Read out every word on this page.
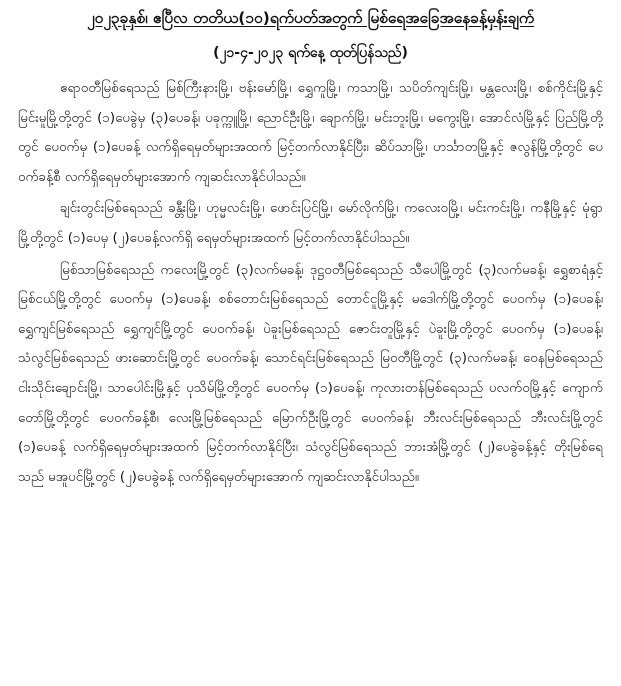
၂၀၂၃ခုနှစ်၊ ဧပြီလ တတိယ(၁၀)ရက်ပတ်အတွက် မြစ်ရေအခြေအနေခန့်မှန်းချက်

(၂၁-၄-၂၀၂၃ ရက်နေ့ ထုတ်ပြန်သည်)

ဧရာဝတီမြစ်ရေသည် မြစ်ကြီးနားမြို့၊ ဗန်းမော်မြို့၊ ရွှေကူမြို့၊ ကသာမြို့၊ သပိတ်ကျင်းမြို့၊ မန္တလေးမြို့၊ စစ်ကိုင်းမြို့နှင့် မြင်းမူမြို့တို့တွင် (၁)ပေခွဲမှ (၃)ပေခန့်၊ ပခုက္ကူမြို့၊ ညောင်ဦးမြို့၊ ချောက်မြို့၊ မင်းဘူးမြို့၊ မကွေးမြို့၊ အောင်လံမြို့နှင့် ပြည်မြို့တို့တွင် ပေဝက်မှ (၁)ပေခန့် လက်ရှိရေမှတ်များအထက် မြင့်တက်လာနိုင်ပြီး၊ ဆိပ်သာမြို့၊ ဟင်္သာတမြို့နှင့် ဇလွန်မြို့တို့တွင် ပေဝက်ခန့်စီ လက်ရှိရေမှတ်များအောက် ကျဆင်းလာနိုင်ပါသည်။

ချင်းတွင်းမြစ်ရေသည် ခန္တီးမြို့၊ ဟုမ္မလင်းမြို့၊ ဖောင်းပြင်မြို့၊ မော်လိုက်မြို့၊ ကလေးဝမြို့၊ မင်းကင်းမြို့၊ ကနီမြို့နှင့် မုံရွာမြို့တို့တွင် (၁)ပေမှ (၂)ပေခန့်လက်ရှိ ရေမှတ်များအထက် မြင့်တက်လာနိုင်ပါသည်။

မြစ်သာမြစ်ရေသည် ကလေးမြို့တွင် (၃)လက်မခန့်၊ ဒုဋ္ဌဝတီမြစ်ရေသည် သီပေါမြို့တွင် (၃)လက်မခန့်၊ ရွှေစာရံနှင့် မြစ်ငယ်မြို့တို့တွင် ပေဝက်မှ (၁)ပေခန့်၊ စစ်တောင်းမြစ်ရေသည် တောင်ငူမြို့နှင့် မဒေါက်မြို့တို့တွင် ပေဝက်မှ (၁)ပေခန့်၊ ရွှေကျင်မြစ်ရေသည် ရွှေကျင်မြို့တွင် ပေဝက်ခန့်၊ ပဲခူးမြစ်ရေသည် ဇောင်းတူမြို့နှင့် ပဲခူးမြို့တို့တွင် ပေဝက်မှ (၁)ပေခန့်၊ သံလွင်မြစ်ရေသည် ဖားဆောင်းမြို့တွင် ပေဝက်ခန့်၊ သောင်ရင်းမြစ်ရေသည် မြဝတီမြို့တွင် (၃)လက်မခန့်၊ ဝေနမြစ်ရေသည် ငါးသိုင်းချောင်းမြို့၊ သာပေါင်းမြို့နှင့် ပုသိမ်မြို့တို့တွင် ပေဝက်မှ (၁)ပေခန့်၊ ကုလားတန်မြစ်ရေသည် ပလက်ဝမြို့နှင့် ကျောက်တော်မြို့တို့တွင် ပေဝက်ခန့်စီ၊ လေးမြို့မြစ်ရေသည် မြောက်ဦးမြို့တွင် ပေဝက်ခန့်၊ ဘီးလင်းမြစ်ရေသည် ဘီးလင်းမြို့တွင် (၁)ပေခန့် လက်ရှိရေမှတ်များအထက် မြင့်တက်လာနိုင်ပြီး၊ သံလွင်မြစ်ရေသည် ဘားအံမြို့တွင် (၂)ပေခွဲခန့်နှင့် တိုးမြစ်ရေသည် မအူပင်မြို့တွင် (၂)ပေခွဲခန့် လက်ရှိရေမှတ်များအောက် ကျဆင်းလာနိုင်ပါသည်။
